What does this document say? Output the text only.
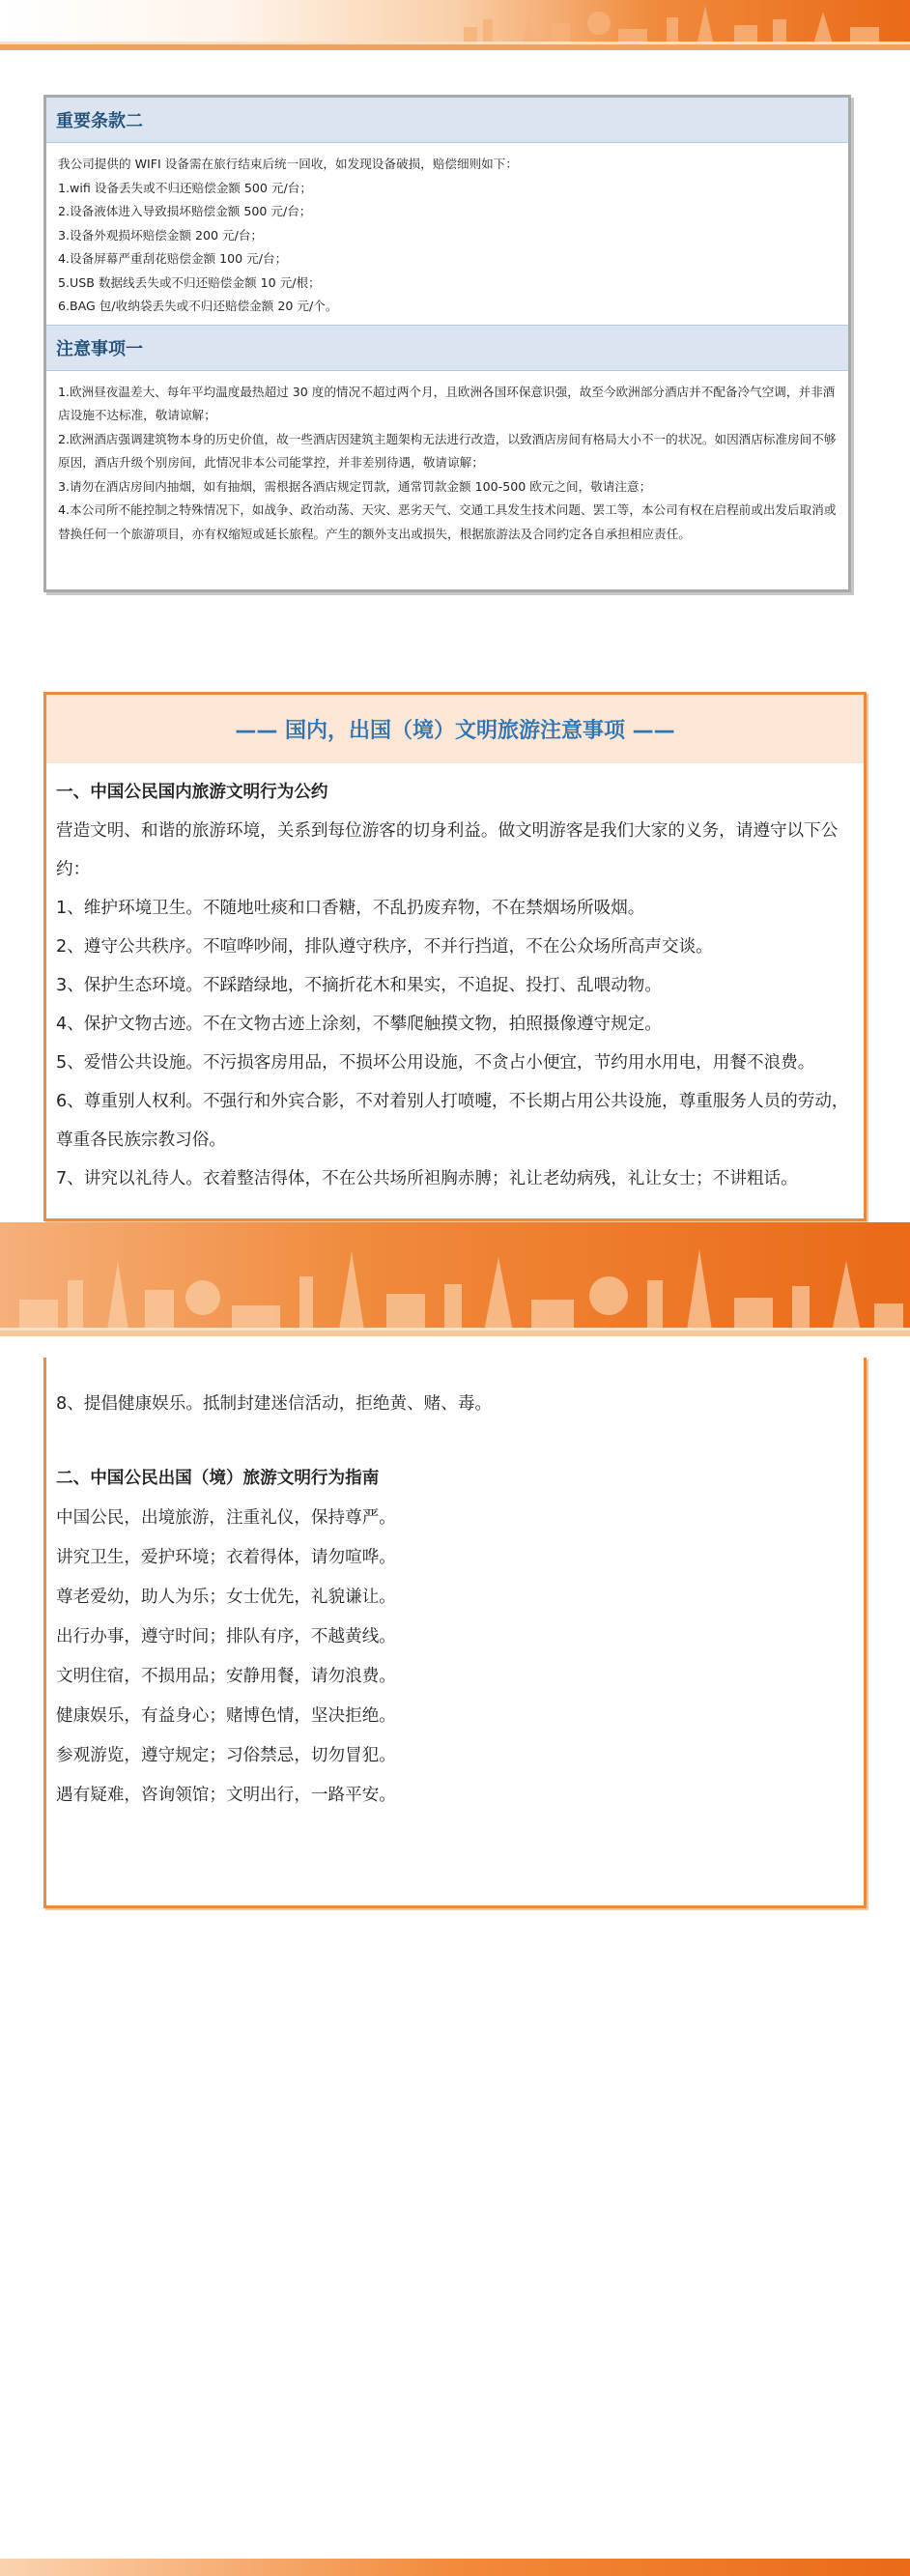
重要条款二

我公司提供的 WIFI 设备需在旅行结束后统一回收，如发现设备破损，赔偿细则如下：

1.wifi 设备丢失或不归还赔偿金额 500 元/台；

2.设备液体进入导致损坏赔偿金额 500 元/台；

3.设备外观损坏赔偿金额 200 元/台；

4.设备屏幕严重刮花赔偿金额 100 元/台；

5.USB 数据线丢失或不归还赔偿金额 10 元/根；

6.BAG 包/收纳袋丢失或不归还赔偿金额 20 元/个。

注意事项一

1.欧洲昼夜温差大、每年平均温度最热超过 30 度的情况不超过两个月，且欧洲各国环保意识强，故至今欧洲部分酒店并不配备冷气空调，并非酒店设施不达标准，敬请谅解；

2.欧洲酒店强调建筑物本身的历史价值，故一些酒店因建筑主题架构无法进行改造，以致酒店房间有格局大小不一的状况。如因酒店标准房间不够原因，酒店升级个别房间，此情况非本公司能掌控，并非差别待遇，敬请谅解；

3.请勿在酒店房间内抽烟，如有抽烟，需根据各酒店规定罚款，通常罚款金额 100-500 欧元之间，敬请注意；

4.本公司所不能控制之特殊情况下，如战争、政治动荡、天灾、恶劣天气、交通工具发生技术问题、罢工等，本公司有权在启程前或出发后取消或替换任何一个旅游项目，亦有权缩短或延长旅程。产生的额外支出或损失，根据旅游法及合同约定各自承担相应责任。

—— 国内，出国（境）文明旅游注意事项 ——

一、中国公民国内旅游文明行为公约

营造文明、和谐的旅游环境，关系到每位游客的切身利益。做文明游客是我们大家的义务，请遵守以下公约：

1、维护环境卫生。不随地吐痰和口香糖，不乱扔废弃物，不在禁烟场所吸烟。

2、遵守公共秩序。不喧哗吵闹，排队遵守秩序，不并行挡道，不在公众场所高声交谈。

3、保护生态环境。不踩踏绿地，不摘折花木和果实，不追捉、投打、乱喂动物。

4、保护文物古迹。不在文物古迹上涂刻，不攀爬触摸文物，拍照摄像遵守规定。

5、爱惜公共设施。不污损客房用品，不损坏公用设施，不贪占小便宜，节约用水用电，用餐不浪费。

6、尊重别人权利。不强行和外宾合影，不对着别人打喷嚏，不长期占用公共设施，尊重服务人员的劳动，尊重各民族宗教习俗。

7、讲究以礼待人。衣着整洁得体，不在公共场所袒胸赤膊；礼让老幼病残，礼让女士；不讲粗话。

8、提倡健康娱乐。抵制封建迷信活动，拒绝黄、赌、毒。

二、中国公民出国（境）旅游文明行为指南

中国公民，出境旅游，注重礼仪，保持尊严。

讲究卫生，爱护环境；衣着得体，请勿喧哗。

尊老爱幼，助人为乐；女士优先，礼貌谦让。

出行办事，遵守时间；排队有序，不越黄线。

文明住宿，不损用品；安静用餐，请勿浪费。

健康娱乐，有益身心；赌博色情，坚决拒绝。

参观游览，遵守规定；习俗禁忌，切勿冒犯。

遇有疑难，咨询领馆；文明出行，一路平安。
